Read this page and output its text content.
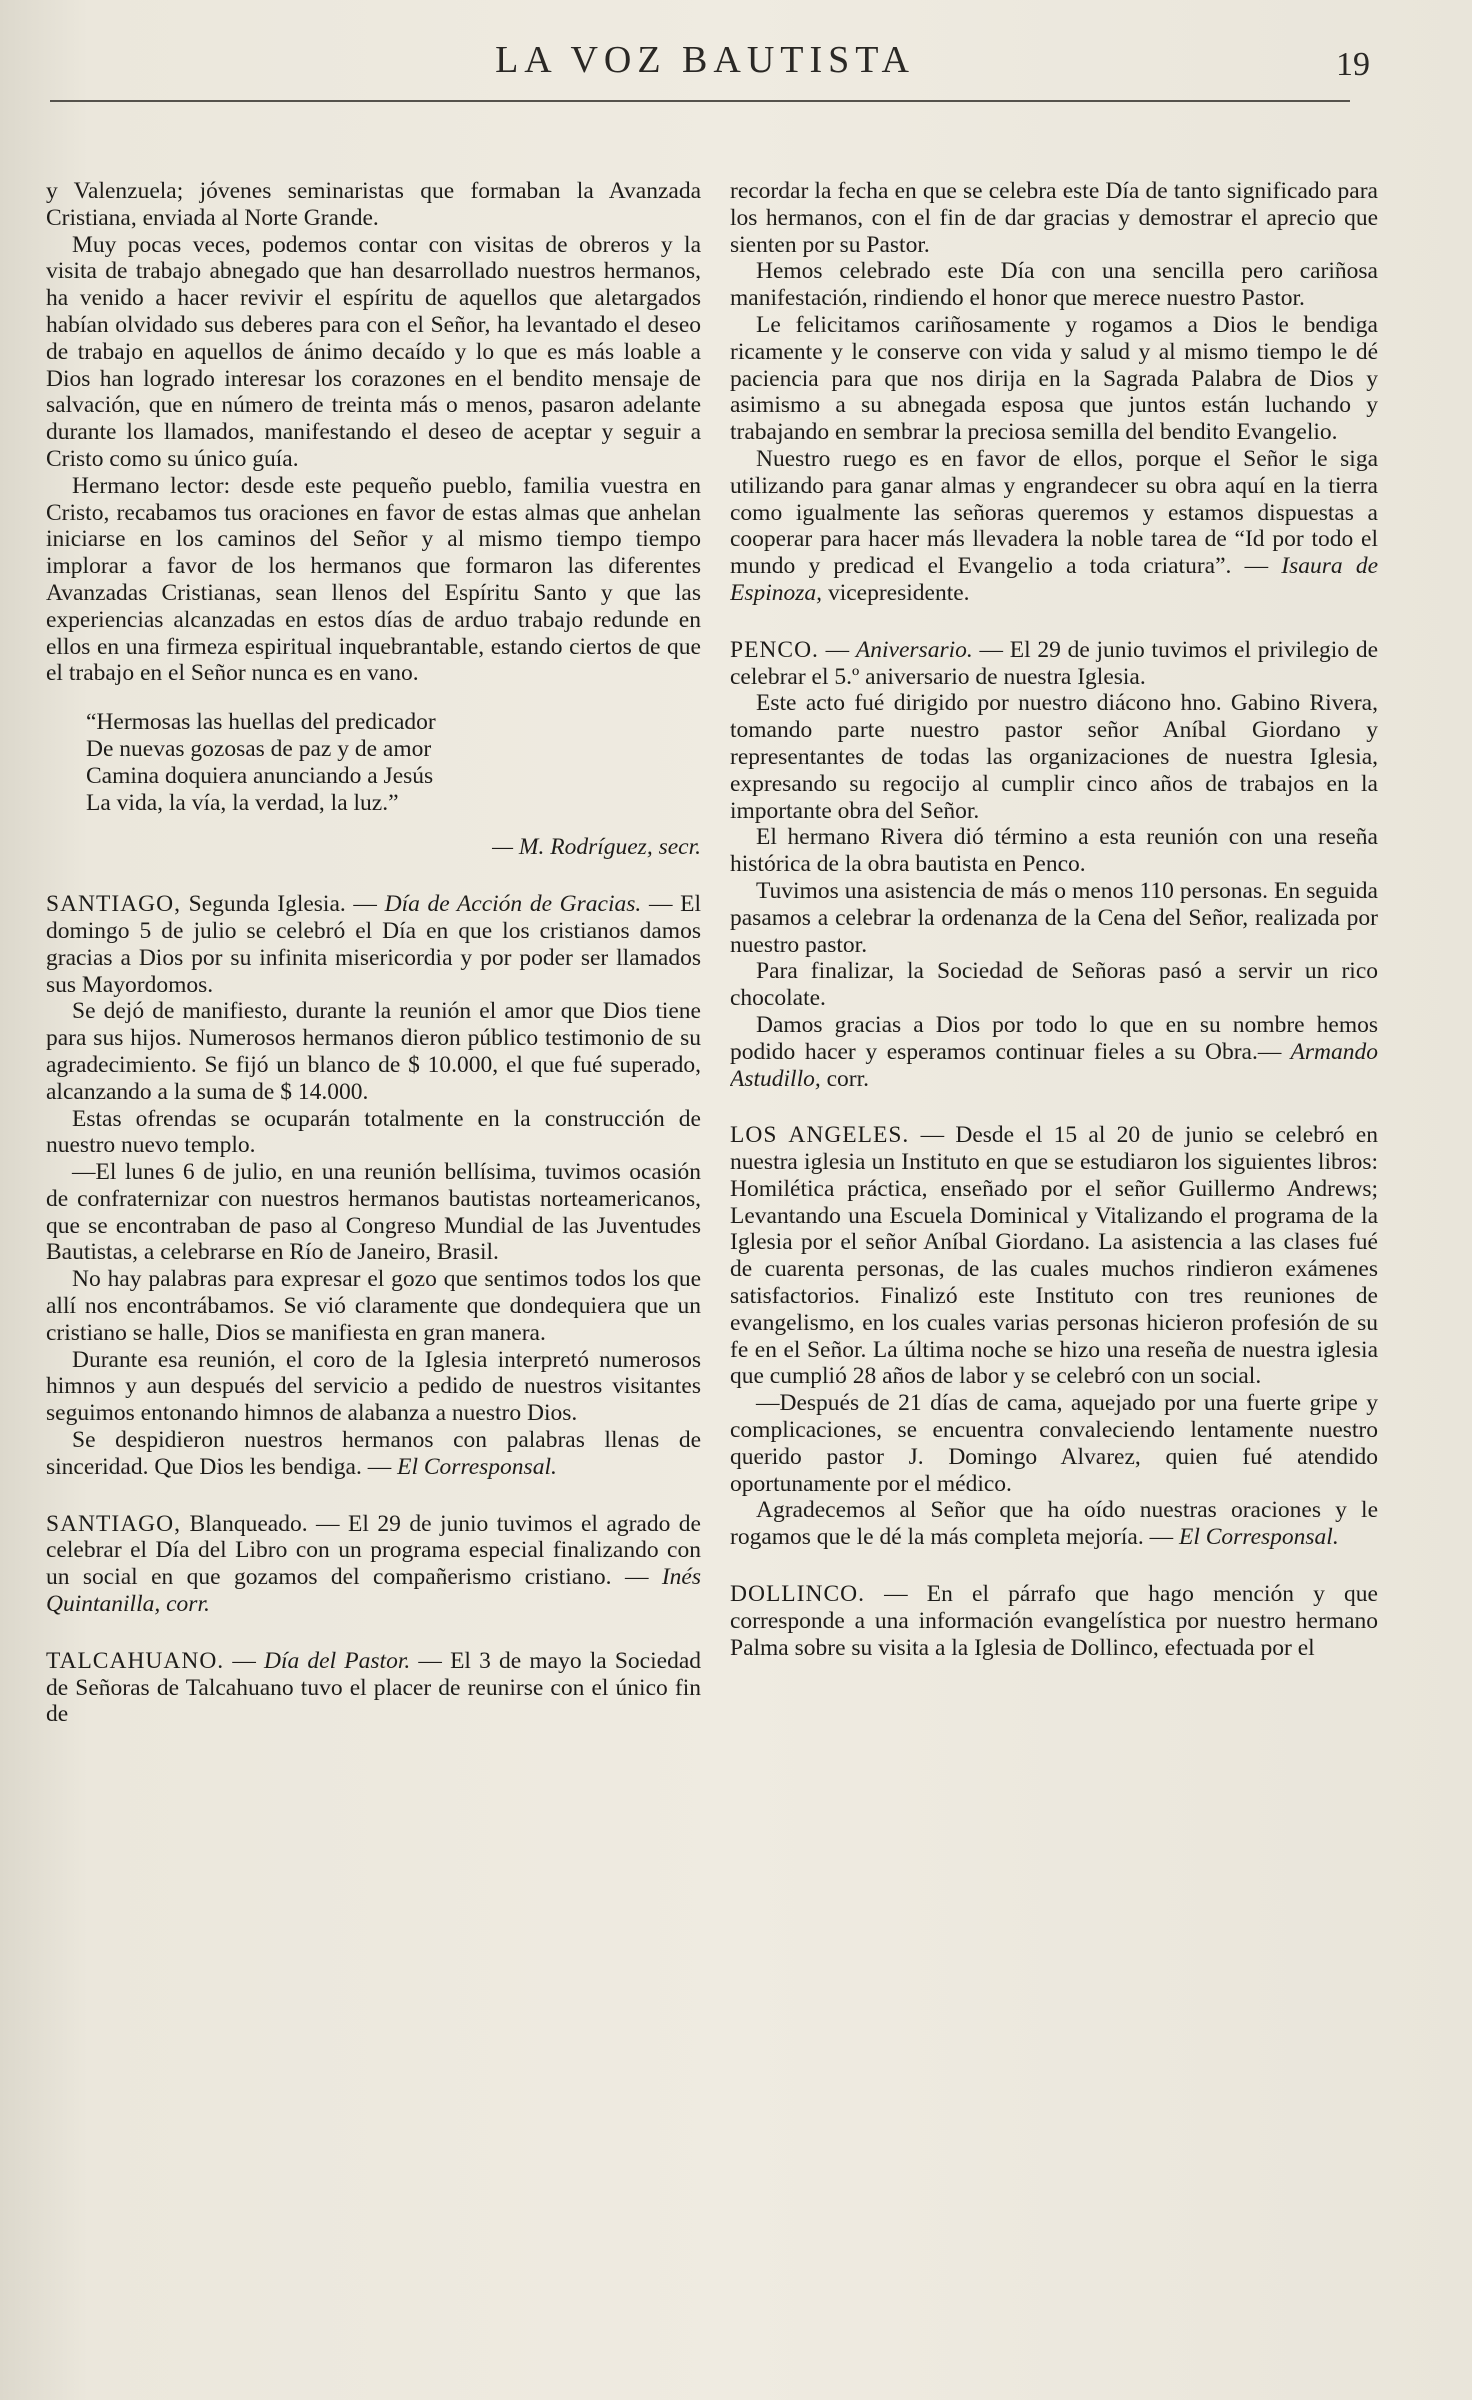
LA VOZ BAUTISTA	19

y Valenzuela; jóvenes seminaristas que formaban la Avanzada Cristiana, enviada al Norte Grande.

Muy pocas veces, podemos contar con visitas de obreros y la visita de trabajo abnegado que han desarrollado nuestros hermanos, ha venido a hacer revivir el espíritu de aquellos que aletargados habían olvidado sus deberes para con el Señor, ha levantado el deseo de trabajo en aquellos de ánimo decaído y lo que es más loable a Dios han logrado interesar los corazones en el bendito mensaje de salvación, que en número de treinta más o menos, pasaron adelante durante los llamados, manifestando el deseo de aceptar y seguir a Cristo como su único guía.

Hermano lector: desde este pequeño pueblo, familia vuestra en Cristo, recabamos tus oraciones en favor de estas almas que anhelan iniciarse en los caminos del Señor y al mismo tiempo tiempo implorar a favor de los hermanos que formaron las diferentes Avanzadas Cristianas, sean llenos del Espíritu Santo y que las experiencias alcanzadas en estos días de arduo trabajo redunde en ellos en una firmeza espiritual inquebrantable, estando ciertos de que el trabajo en el Señor nunca es en vano.

“Hermosas las huellas del predicador

De nuevas gozosas de paz y de amor

Camina doquiera anunciando a Jesús

La vida, la vía, la verdad, la luz.”

— M. Rodríguez, secr.

SANTIAGO, Segunda Iglesia. — Día de Acción de Gracias. — El domingo 5 de julio se celebró el Día en que los cristianos damos gracias a Dios por su infinita misericordia y por poder ser llamados sus Mayordomos.

Se dejó de manifiesto, durante la reunión el amor que Dios tiene para sus hijos. Numerosos hermanos dieron público testimonio de su agradecimiento. Se fijó un blanco de $ 10.000, el que fué superado, alcanzando a la suma de $ 14.000.

Estas ofrendas se ocuparán totalmente en la construcción de nuestro nuevo templo.

—El lunes 6 de julio, en una reunión bellísima, tuvimos ocasión de confraternizar con nuestros hermanos bautistas norteamericanos, que se encontraban de paso al Congreso Mundial de las Juventudes Bautistas, a celebrarse en Río de Janeiro, Brasil.

No hay palabras para expresar el gozo que sentimos todos los que allí nos encontrábamos. Se vió claramente que dondequiera que un cristiano se halle, Dios se manifiesta en gran manera.

Durante esa reunión, el coro de la Iglesia interpretó numerosos himnos y aun después del servicio a pedido de nuestros visitantes seguimos entonando himnos de alabanza a nuestro Dios.

Se despidieron nuestros hermanos con palabras llenas de sinceridad. Que Dios les bendiga. — El Corresponsal.

SANTIAGO, Blanqueado. — El 29 de junio tuvimos el agrado de celebrar el Día del Libro con un programa especial finalizando con un social en que gozamos del compañerismo cristiano. — Inés Quintanilla, corr.

TALCAHUANO. — Día del Pastor. — El 3 de mayo la Sociedad de Señoras de Talcahuano tuvo el placer de reunirse con el único fin de

recordar la fecha en que se celebra este Día de tanto significado para los hermanos, con el fin de dar gracias y demostrar el aprecio que sienten por su Pastor.

Hemos celebrado este Día con una sencilla pero cariñosa manifestación, rindiendo el honor que merece nuestro Pastor.

Le felicitamos cariñosamente y rogamos a Dios le bendiga ricamente y le conserve con vida y salud y al mismo tiempo le dé paciencia para que nos dirija en la Sagrada Palabra de Dios y asimismo a su abnegada esposa que juntos están luchando y trabajando en sembrar la preciosa semilla del bendito Evangelio.

Nuestro ruego es en favor de ellos, porque el Señor le siga utilizando para ganar almas y engrandecer su obra aquí en la tierra como igualmente las señoras queremos y estamos dispuestas a cooperar para hacer más llevadera la noble tarea de “Id por todo el mundo y predicad el Evangelio a toda criatura”. — Isaura de Espinoza, vicepresidente.

PENCO. — Aniversario. — El 29 de junio tuvimos el privilegio de celebrar el 5.º aniversario de nuestra Iglesia.

Este acto fué dirigido por nuestro diácono hno. Gabino Rivera, tomando parte nuestro pastor señor Aníbal Giordano y representantes de todas las organizaciones de nuestra Iglesia, expresando su regocijo al cumplir cinco años de trabajos en la importante obra del Señor.

El hermano Rivera dió término a esta reunión con una reseña histórica de la obra bautista en Penco.

Tuvimos una asistencia de más o menos 110 personas. En seguida pasamos a celebrar la ordenanza de la Cena del Señor, realizada por nuestro pastor.

Para finalizar, la Sociedad de Señoras pasó a servir un rico chocolate.

Damos gracias a Dios por todo lo que en su nombre hemos podido hacer y esperamos continuar fieles a su Obra.— Armando Astudillo, corr.

LOS ANGELES. — Desde el 15 al 20 de junio se celebró en nuestra iglesia un Instituto en que se estudiaron los siguientes libros: Homilética práctica, enseñado por el señor Guillermo Andrews; Levantando una Escuela Dominical y Vitalizando el programa de la Iglesia por el señor Aníbal Giordano. La asistencia a las clases fué de cuarenta personas, de las cuales muchos rindieron exámenes satisfactorios. Finalizó este Instituto con tres reuniones de evangelismo, en los cuales varias personas hicieron profesión de su fe en el Señor. La última noche se hizo una reseña de nuestra iglesia que cumplió 28 años de labor y se celebró con un social.

—Después de 21 días de cama, aquejado por una fuerte gripe y complicaciones, se encuentra convaleciendo lentamente nuestro querido pastor J. Domingo Alvarez, quien fué atendido oportunamente por el médico.

Agradecemos al Señor que ha oído nuestras oraciones y le rogamos que le dé la más completa mejoría. — El Corresponsal.

DOLLINCO. — En el párrafo que hago mención y que corresponde a una información evangelística por nuestro hermano Palma sobre su visita a la Iglesia de Dollinco, efectuada por el
